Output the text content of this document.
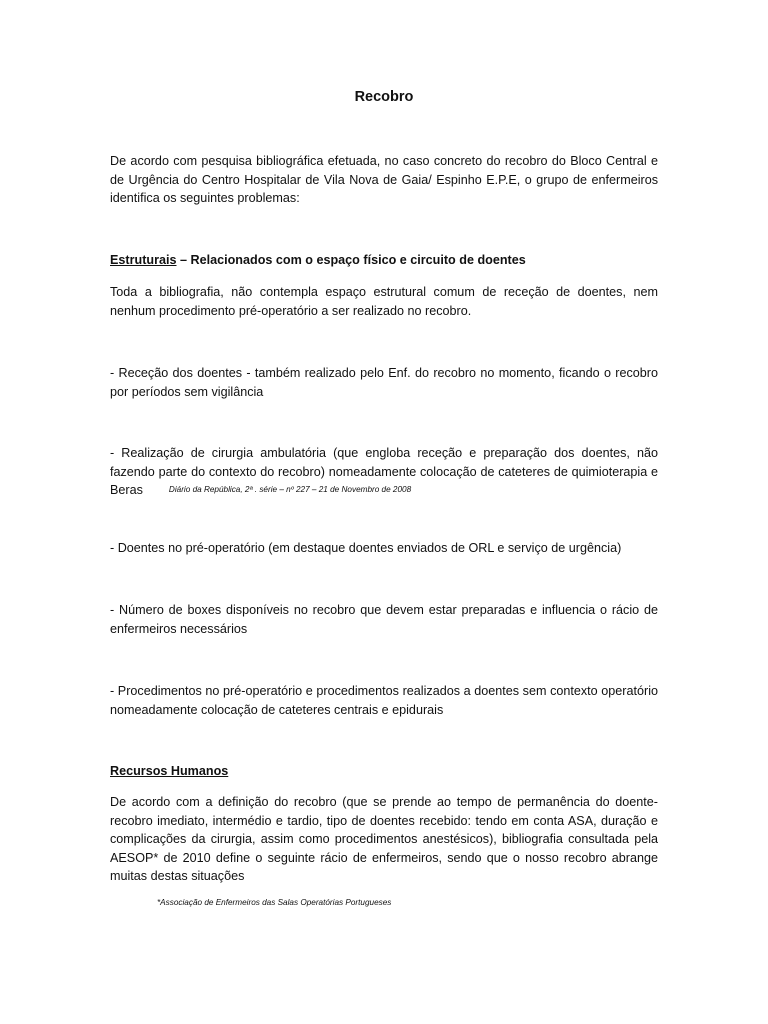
Recobro

De acordo com pesquisa bibliográfica efetuada, no caso concreto do recobro do Bloco Central e de Urgência do Centro Hospitalar de Vila Nova de Gaia/ Espinho E.P.E, o grupo de enfermeiros identifica os seguintes problemas:

Estruturais – Relacionados com o espaço físico e circuito de doentes

Toda a bibliografia, não contempla espaço estrutural comum de receção de doentes, nem nenhum procedimento pré-operatório a ser realizado no recobro.

- Receção dos doentes - também realizado pelo Enf. do recobro no momento, ficando o recobro por períodos sem vigilância

- Realização de cirurgia ambulatória (que engloba receção e preparação dos doentes, não fazendo parte do contexto do recobro) nomeadamente colocação de cateteres de quimioterapia e Beras	Diário da República, 2ª . série – nº 227 – 21 de Novembro de 2008

- Doentes no pré-operatório (em destaque doentes enviados de ORL e serviço de urgência)

- Número de boxes disponíveis no recobro que devem estar preparadas e influencia o rácio de enfermeiros necessários

- Procedimentos no pré-operatório e procedimentos realizados a doentes sem contexto operatório nomeadamente colocação de cateteres centrais e epidurais

Recursos Humanos

De acordo com a definição do recobro (que se prende ao tempo de permanência do doente-recobro imediato, intermédio e tardio, tipo de doentes recebido: tendo em conta ASA, duração e complicações da cirurgia, assim como procedimentos anestésicos), bibliografia consultada pela AESOP* de 2010 define o seguinte rácio de enfermeiros, sendo que o nosso recobro abrange muitas destas situações

*Associação de Enfermeiros das Salas Operatórias Portugueses
